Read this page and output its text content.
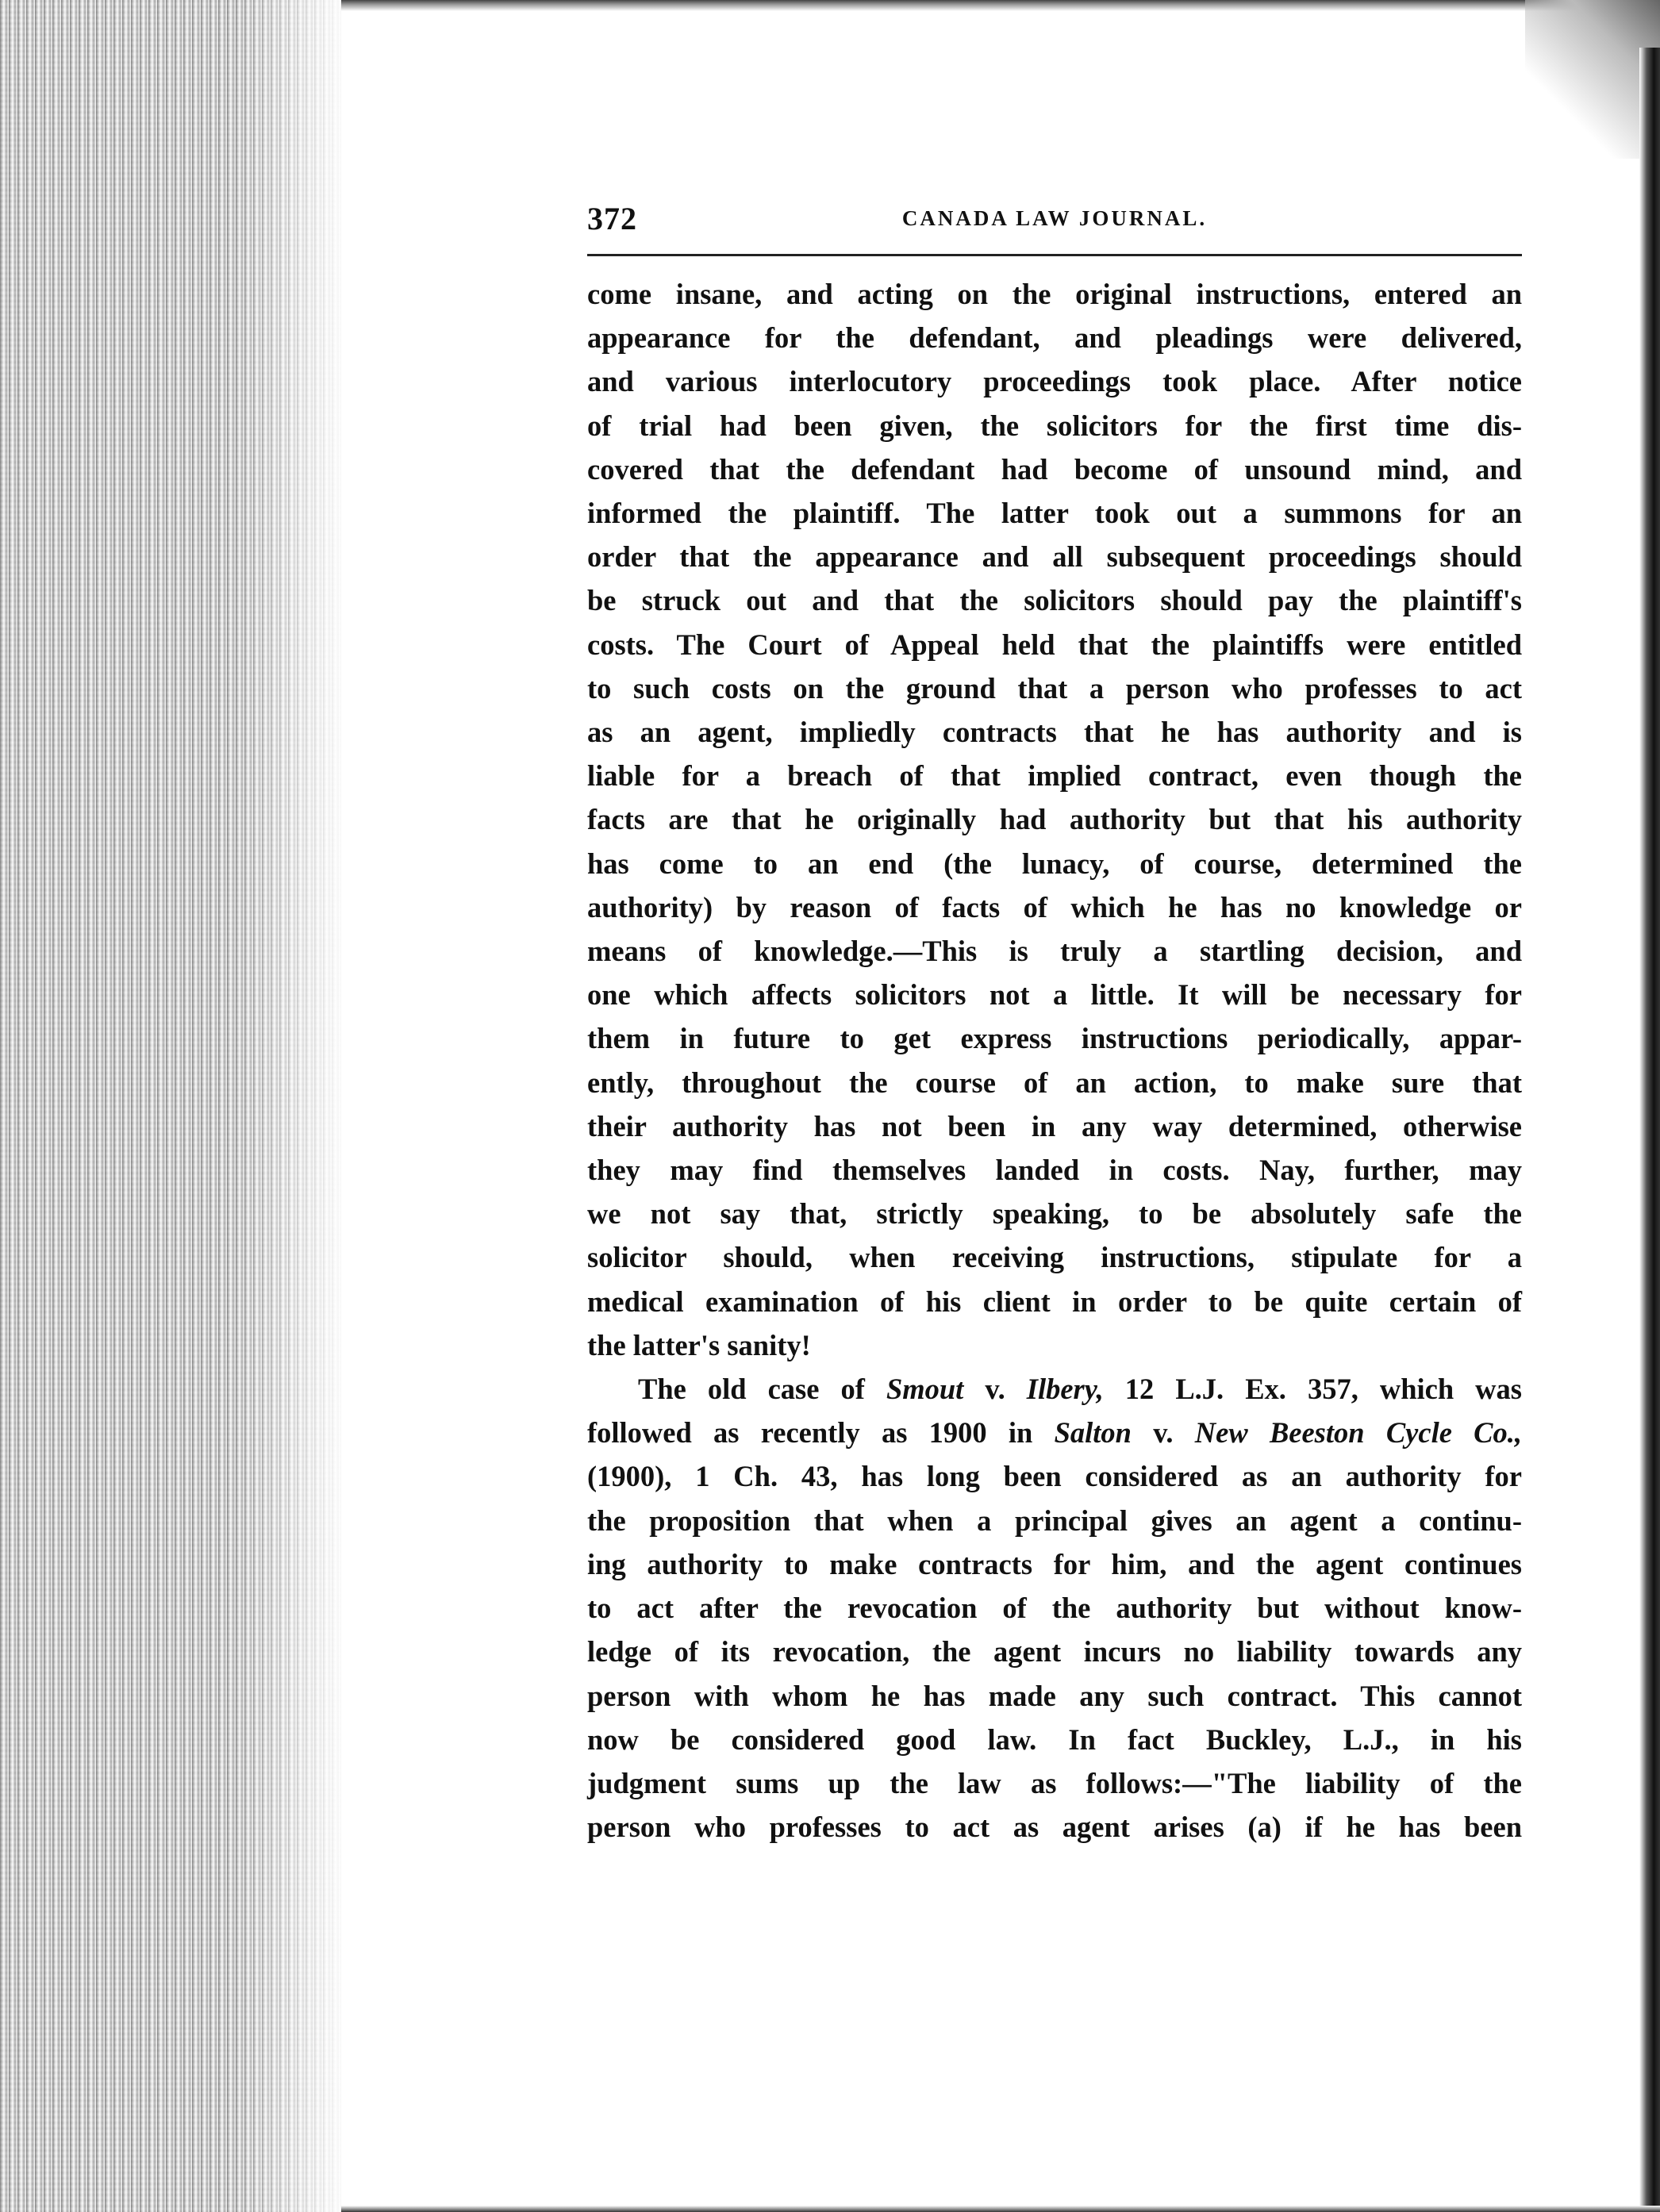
372	CANADA LAW JOURNAL.
come insane, and acting on the original instructions, entered an
appearance for the defendant, and pleadings were delivered,
and various interlocutory proceedings took place. After notice
of trial had been given, the solicitors for the first time dis-
covered that the defendant had become of unsound mind, and
informed the plaintiff. The latter took out a summons for an
order that the appearance and all subsequent proceedings should
be struck out and that the solicitors should pay the plaintiff's
costs. The Court of Appeal held that the plaintiffs were entitled
to such costs on the ground that a person who professes to act
as an agent, impliedly contracts that he has authority and is
liable for a breach of that implied contract, even though the
facts are that he originally had authority but that his authority
has come to an end (the lunacy, of course, determined the
authority) by reason of facts of which he has no knowledge or
means of knowledge.—This is truly a startling decision, and
one which affects solicitors not a little. It will be necessary for
them in future to get express instructions periodically, appar-
ently, throughout the course of an action, to make sure that
their authority has not been in any way determined, otherwise
they may find themselves landed in costs. Nay, further, may
we not say that, strictly speaking, to be absolutely safe the
solicitor should, when receiving instructions, stipulate for a
medical examination of his client in order to be quite certain of
the latter's sanity!
The old case of Smout v. Ilbery, 12 L.J. Ex. 357, which was
followed as recently as 1900 in Salton v. New Beeston Cycle Co.,
(1900), 1 Ch. 43, has long been considered as an authority for
the proposition that when a principal gives an agent a continu-
ing authority to make contracts for him, and the agent continues
to act after the revocation of the authority but without know-
ledge of its revocation, the agent incurs no liability towards any
person with whom he has made any such contract. This cannot
now be considered good law. In fact Buckley, L.J., in his
judgment sums up the law as follows:—"The liability of the
person who professes to act as agent arises (a) if he has been
